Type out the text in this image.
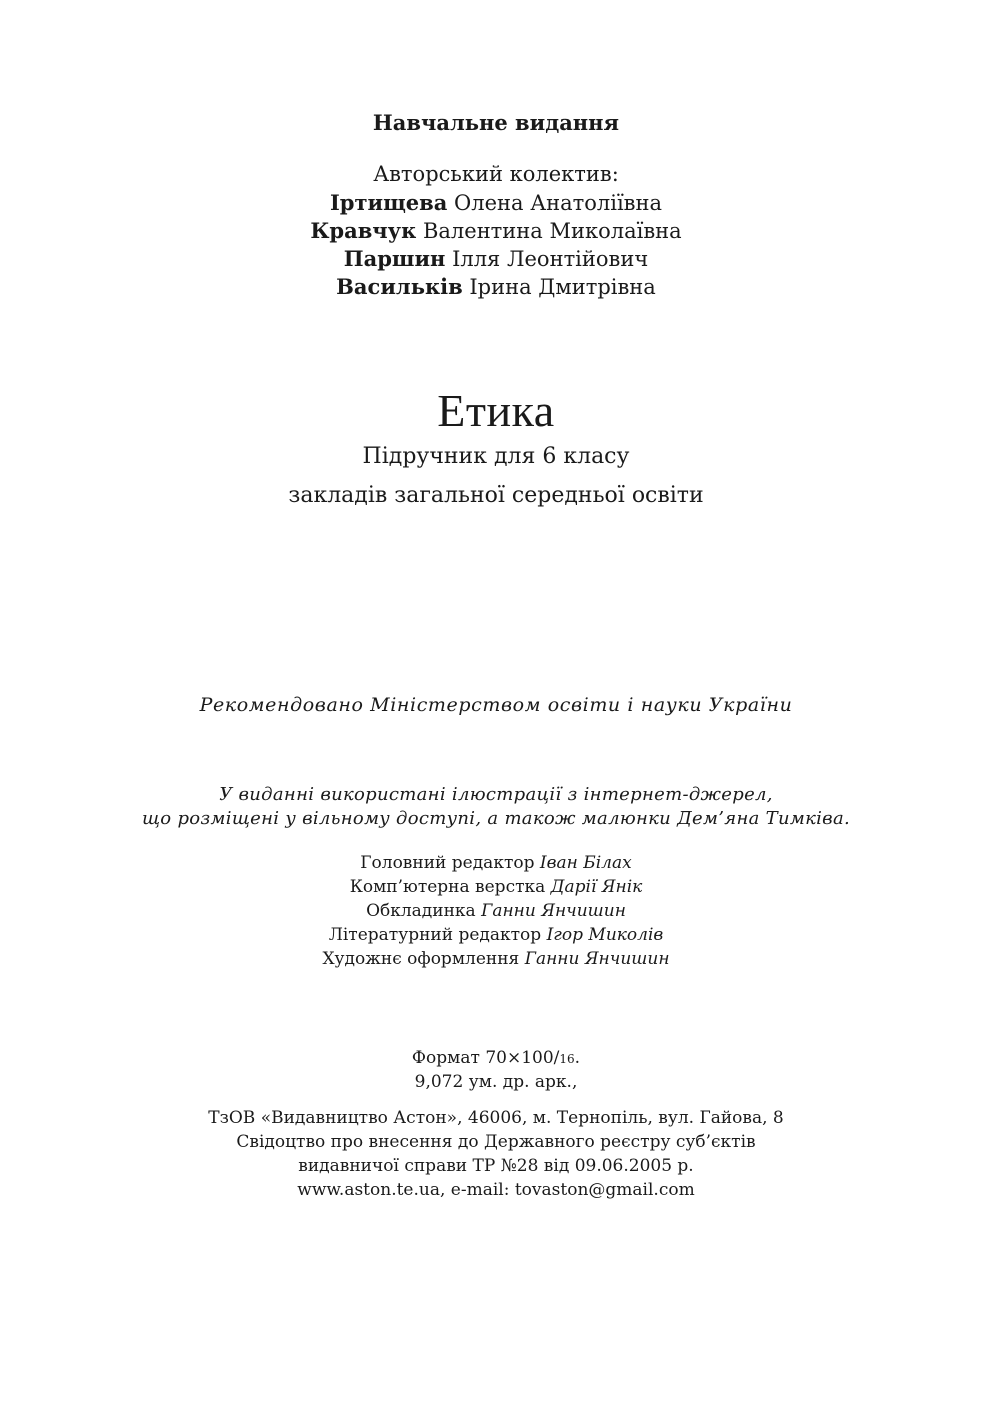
Навчальне видання
Авторський колектив:
Іртищева Олена Анатоліївна
Кравчук Валентина Миколаївна
Паршин Ілля Леонтійович
Васильків Ірина Дмитрівна
Етика
Підручник для 6 класу
закладів загальної середньої освіти
Рекомендовано Міністерством освіти і науки України
У виданні використані ілюстрації з інтернет-джерел,
що розміщені у вільному доступі, а також малюнки Дем’яна Тимківа.
Головний редактор Іван Білах
Комп’ютерна верстка Дарії Янік
Обкладинка Ганни Янчишин
Літературний редактор Ігор Миколів
Художнє оформлення Ганни Янчишин
Формат 70×100/16.
9,072 ум. др. арк.,
ТзОВ «Видавництво Астон», 46006, м. Тернопіль, вул. Гайова, 8
Свідоцтво про внесення до Державного реєстру суб’єктів
видавничої справи ТР №28 від 09.06.2005 р.
www.aston.te.ua, e-mail: tovaston@gmail.com
